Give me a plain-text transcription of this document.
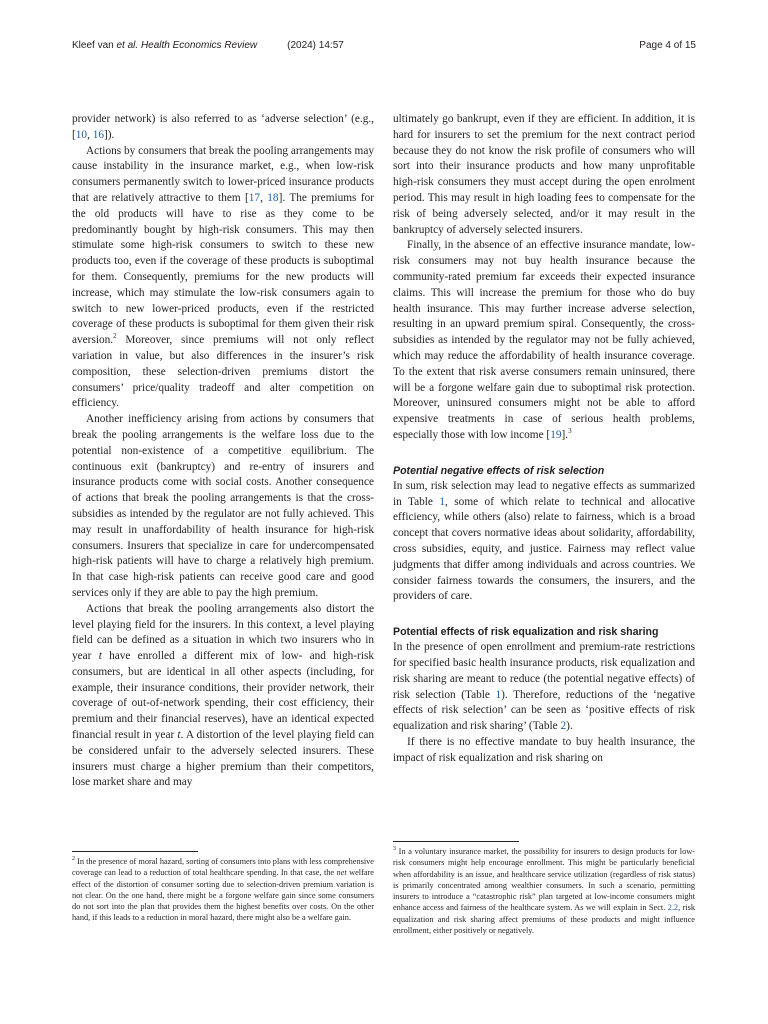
Kleef van et al. Health Economics Review	(2024) 14:57	Page 4 of 15

provider network) is also referred to as ‘adverse selection’ (e.g., [10, 16]).

Actions by consumers that break the pooling arrangements may cause instability in the insurance market, e.g., when low-risk consumers permanently switch to lower-priced insurance products that are relatively attractive to them [17, 18]. The premiums for the old products will have to rise as they come to be predominantly bought by high-risk consumers. This may then stimulate some high-risk consumers to switch to these new products too, even if the coverage of these products is suboptimal for them. Consequently, premiums for the new products will increase, which may stimulate the low-risk consumers again to switch to new lower-priced products, even if the restricted coverage of these products is suboptimal for them given their risk aversion.$^2$ Moreover, since premiums will not only reflect variation in value, but also differences in the insurer’s risk composition, these selection-driven premiums distort the consumers’ price/quality tradeoff and alter competition on efficiency.

Another inefficiency arising from actions by consumers that break the pooling arrangements is the welfare loss due to the potential non-existence of a competitive equilibrium. The continuous exit (bankruptcy) and re-entry of insurers and insurance products come with social costs. Another consequence of actions that break the pooling arrangements is that the cross-subsidies as intended by the regulator are not fully achieved. This may result in unaffordability of health insurance for high-risk consumers. Insurers that specialize in care for undercompensated high-risk patients will have to charge a relatively high premium. In that case high-risk patients can receive good care and good services only if they are able to pay the high premium.

Actions that break the pooling arrangements also distort the level playing field for the insurers. In this context, a level playing field can be defined as a situation in which two insurers who in year t have enrolled a different mix of low- and high-risk consumers, but are identical in all other aspects (including, for example, their insurance conditions, their provider network, their coverage of out-of-network spending, their cost efficiency, their premium and their financial reserves), have an identical expected financial result in year t. A distortion of the level playing field can be considered unfair to the adversely selected insurers. These insurers must charge a higher premium than their competitors, lose market share and may

$^2$ In the presence of moral hazard, sorting of consumers into plans with less comprehensive coverage can lead to a reduction of total healthcare spending. In that case, the net welfare effect of the distortion of consumer sorting due to selection-driven premium variation is not clear. On the one hand, there might be a forgone welfare gain since some consumers do not sort into the plan that provides them the highest benefits over costs. On the other hand, if this leads to a reduction in moral hazard, there might also be a welfare gain.

ultimately go bankrupt, even if they are efficient. In addition, it is hard for insurers to set the premium for the next contract period because they do not know the risk profile of consumers who will sort into their insurance products and how many unprofitable high-risk consumers they must accept during the open enrolment period. This may result in high loading fees to compensate for the risk of being adversely selected, and/or it may result in the bankruptcy of adversely selected insurers.

Finally, in the absence of an effective insurance mandate, low-risk consumers may not buy health insurance because the community-rated premium far exceeds their expected insurance claims. This will increase the premium for those who do buy health insurance. This may further increase adverse selection, resulting in an upward premium spiral. Consequently, the cross-subsidies as intended by the regulator may not be fully achieved, which may reduce the affordability of health insurance coverage. To the extent that risk averse consumers remain uninsured, there will be a forgone welfare gain due to suboptimal risk protection. Moreover, uninsured consumers might not be able to afford expensive treatments in case of serious health problems, especially those with low income [19].$^3$

Potential negative effects of risk selection

In sum, risk selection may lead to negative effects as summarized in Table 1, some of which relate to technical and allocative efficiency, while others (also) relate to fairness, which is a broad concept that covers normative ideas about solidarity, affordability, cross subsidies, equity, and justice. Fairness may reflect value judgments that differ among individuals and across countries. We consider fairness towards the consumers, the insurers, and the providers of care.

Potential effects of risk equalization and risk sharing

In the presence of open enrollment and premium-rate restrictions for specified basic health insurance products, risk equalization and risk sharing are meant to reduce (the potential negative effects) of risk selection (Table 1). Therefore, reductions of the ‘negative effects of risk selection’ can be seen as ‘positive effects of risk equalization and risk sharing’ (Table 2).

If there is no effective mandate to buy health insurance, the impact of risk equalization and risk sharing on

$^3$ In a voluntary insurance market, the possibility for insurers to design products for low-risk consumers might help encourage enrollment. This might be particularly beneficial when affordability is an issue, and healthcare service utilization (regardless of risk status) is primarily concentrated among wealthier consumers. In such a scenario, permitting insurers to introduce a “catastrophic risk” plan targeted at low-income consumers might enhance access and fairness of the healthcare system. As we will explain in Sect. 2.2, risk equalization and risk sharing affect premiums of these products and might influence enrollment, either positively or negatively.
